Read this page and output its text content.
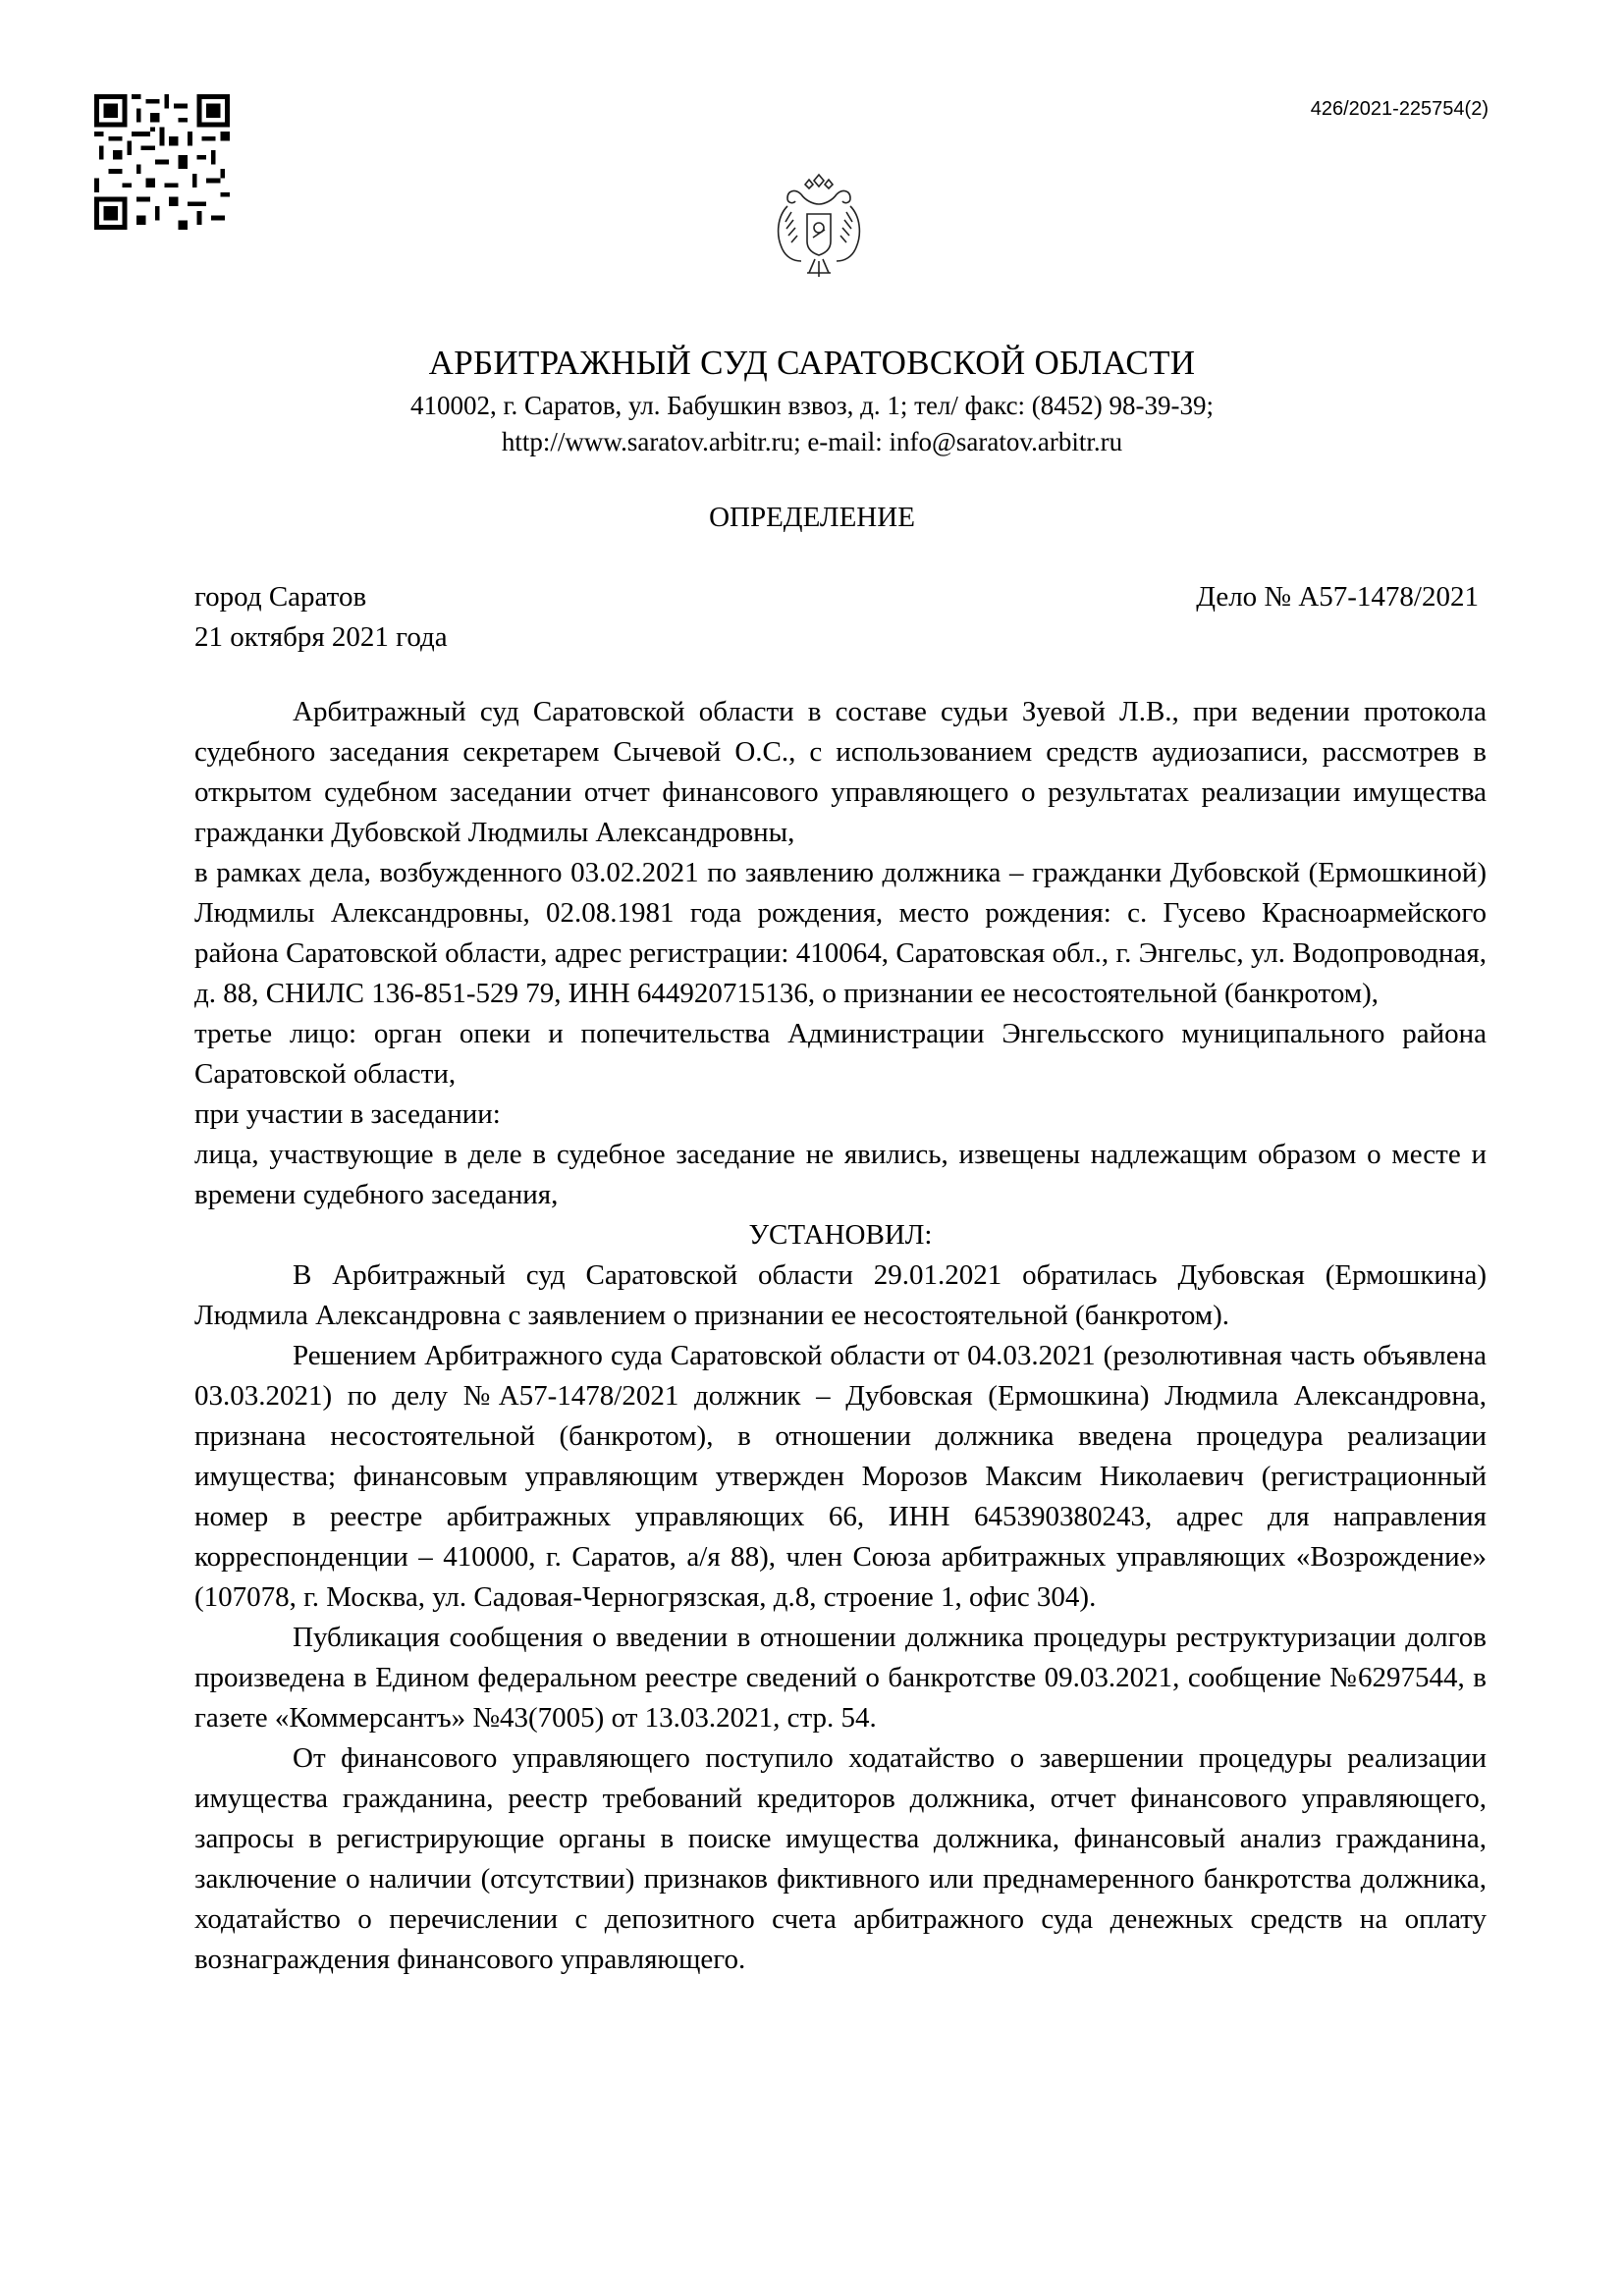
426/2021-225754(2)
АРБИТРАЖНЫЙ СУД САРАТОВСКОЙ ОБЛАСТИ
410002, г. Саратов, ул. Бабушкин взвоз, д. 1; тел/ факс: (8452) 98-39-39;
http://www.saratov.arbitr.ru; e-mail: info@saratov.arbitr.ru
ОПРЕДЕЛЕНИЕ
город Саратов
21 октября 2021 года
Дело № А57-1478/2021

Арбитражный суд Саратовской области в составе судьи Зуевой Л.В., при ведении протокола судебного заседания секретарем Сычевой О.С., с использованием средств аудиозаписи, рассмотрев в открытом судебном заседании отчет финансового управляющего о результатах реализации имущества гражданки Дубовской Людмилы Александровны,

в рамках дела, возбужденного 03.02.2021 по заявлению должника – гражданки Дубовской (Ермошкиной) Людмилы Александровны, 02.08.1981 года рождения, место рождения: с. Гусево Красноармейского района Саратовской области, адрес регистрации: 410064, Саратовская обл., г. Энгельс, ул. Водопроводная, д. 88, СНИЛС 136-851-529 79, ИНН 644920715136, о признании ее несостоятельной (банкротом),

третье лицо: орган опеки и попечительства Администрации Энгельсского муниципального района Саратовской области,

при участии в заседании:

лица, участвующие в деле в судебное заседание не явились, извещены надлежащим образом о месте и времени судебного заседания,

УСТАНОВИЛ:

В Арбитражный суд Саратовской области 29.01.2021 обратилась Дубовская (Ермошкина) Людмила Александровна с заявлением о признании ее несостоятельной (банкротом).

Решением Арбитражного суда Саратовской области от 04.03.2021 (резолютивная часть объявлена 03.03.2021) по делу №А57-1478/2021 должник – Дубовская (Ермошкина) Людмила Александровна, признана несостоятельной (банкротом), в отношении должника введена процедура реализации имущества; финансовым управляющим утвержден Морозов Максим Николаевич (регистрационный номер в реестре арбитражных управляющих 66, ИНН 645390380243, адрес для направления корреспонденции – 410000, г. Саратов, а/я 88), член Союза арбитражных управляющих «Возрождение» (107078, г. Москва, ул. Садовая-Черногрязская, д.8, строение 1, офис 304).

Публикация сообщения о введении в отношении должника процедуры реструктуризации долгов произведена в Едином федеральном реестре сведений о банкротстве 09.03.2021, сообщение №6297544, в газете «Коммерсантъ» №43(7005) от 13.03.2021, стр. 54.

От финансового управляющего поступило ходатайство о завершении процедуры реализации имущества гражданина, реестр требований кредиторов должника, отчет финансового управляющего, запросы в регистрирующие органы в поиске имущества должника, финансовый анализ гражданина, заключение о наличии (отсутствии) признаков фиктивного или преднамеренного банкротства должника, ходатайство о перечислении с депозитного счета арбитражного суда денежных средств на оплату вознаграждения финансового управляющего.
